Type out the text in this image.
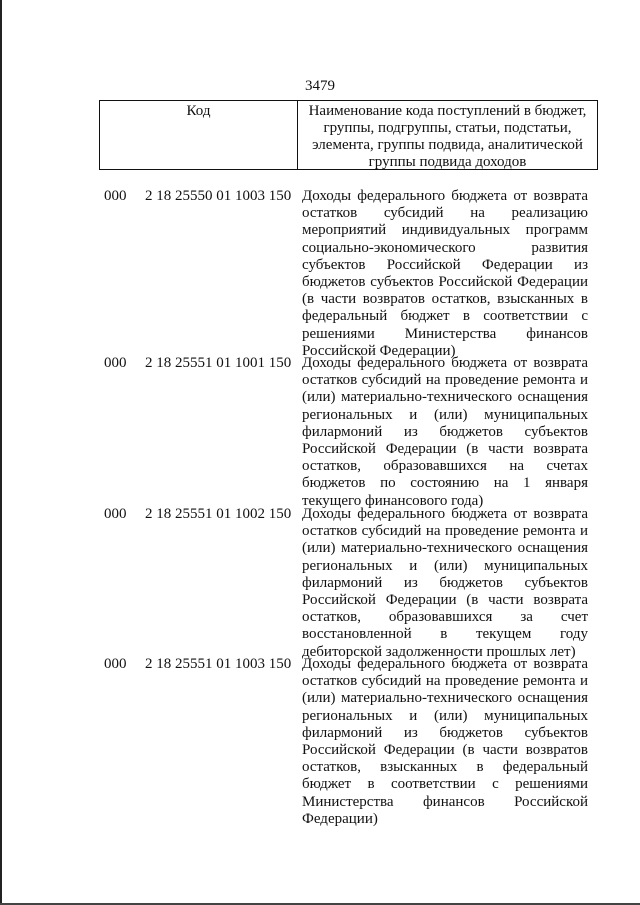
3479
Код	Наименование кода поступлений в бюджет, группы, подгруппы, статьи, подстатьи, элемента, группы подвида, аналитической группы подвида доходов
000 2 18 25550 01 1003 150 Доходы федерального бюджета от возврата остатков субсидий на реализацию мероприятий индивидуальных программ социально-экономического развития субъектов Российской Федерации из бюджетов субъектов Российской Федерации (в части возвратов остатков, взысканных в федеральный бюджет в соответствии с решениями Министерства финансов Российской Федерации)
000 2 18 25551 01 1001 150 Доходы федерального бюджета от возврата остатков субсидий на проведение ремонта и (или) материально-технического оснащения региональных и (или) муниципальных филармоний из бюджетов субъектов Российской Федерации (в части возврата остатков, образовавшихся на счетах бюджетов по состоянию на 1 января текущего финансового года)
000 2 18 25551 01 1002 150 Доходы федерального бюджета от возврата остатков субсидий на проведение ремонта и (или) материально-технического оснащения региональных и (или) муниципальных филармоний из бюджетов субъектов Российской Федерации (в части возврата остатков, образовавшихся за счет восстановленной в текущем году дебиторской задолженности прошлых лет)
000 2 18 25551 01 1003 150 Доходы федерального бюджета от возврата остатков субсидий на проведение ремонта и (или) материально-технического оснащения региональных и (или) муниципальных филармоний из бюджетов субъектов Российской Федерации (в части возвратов остатков, взысканных в федеральный бюджет в соответствии с решениями Министерства финансов Российской Федерации)
